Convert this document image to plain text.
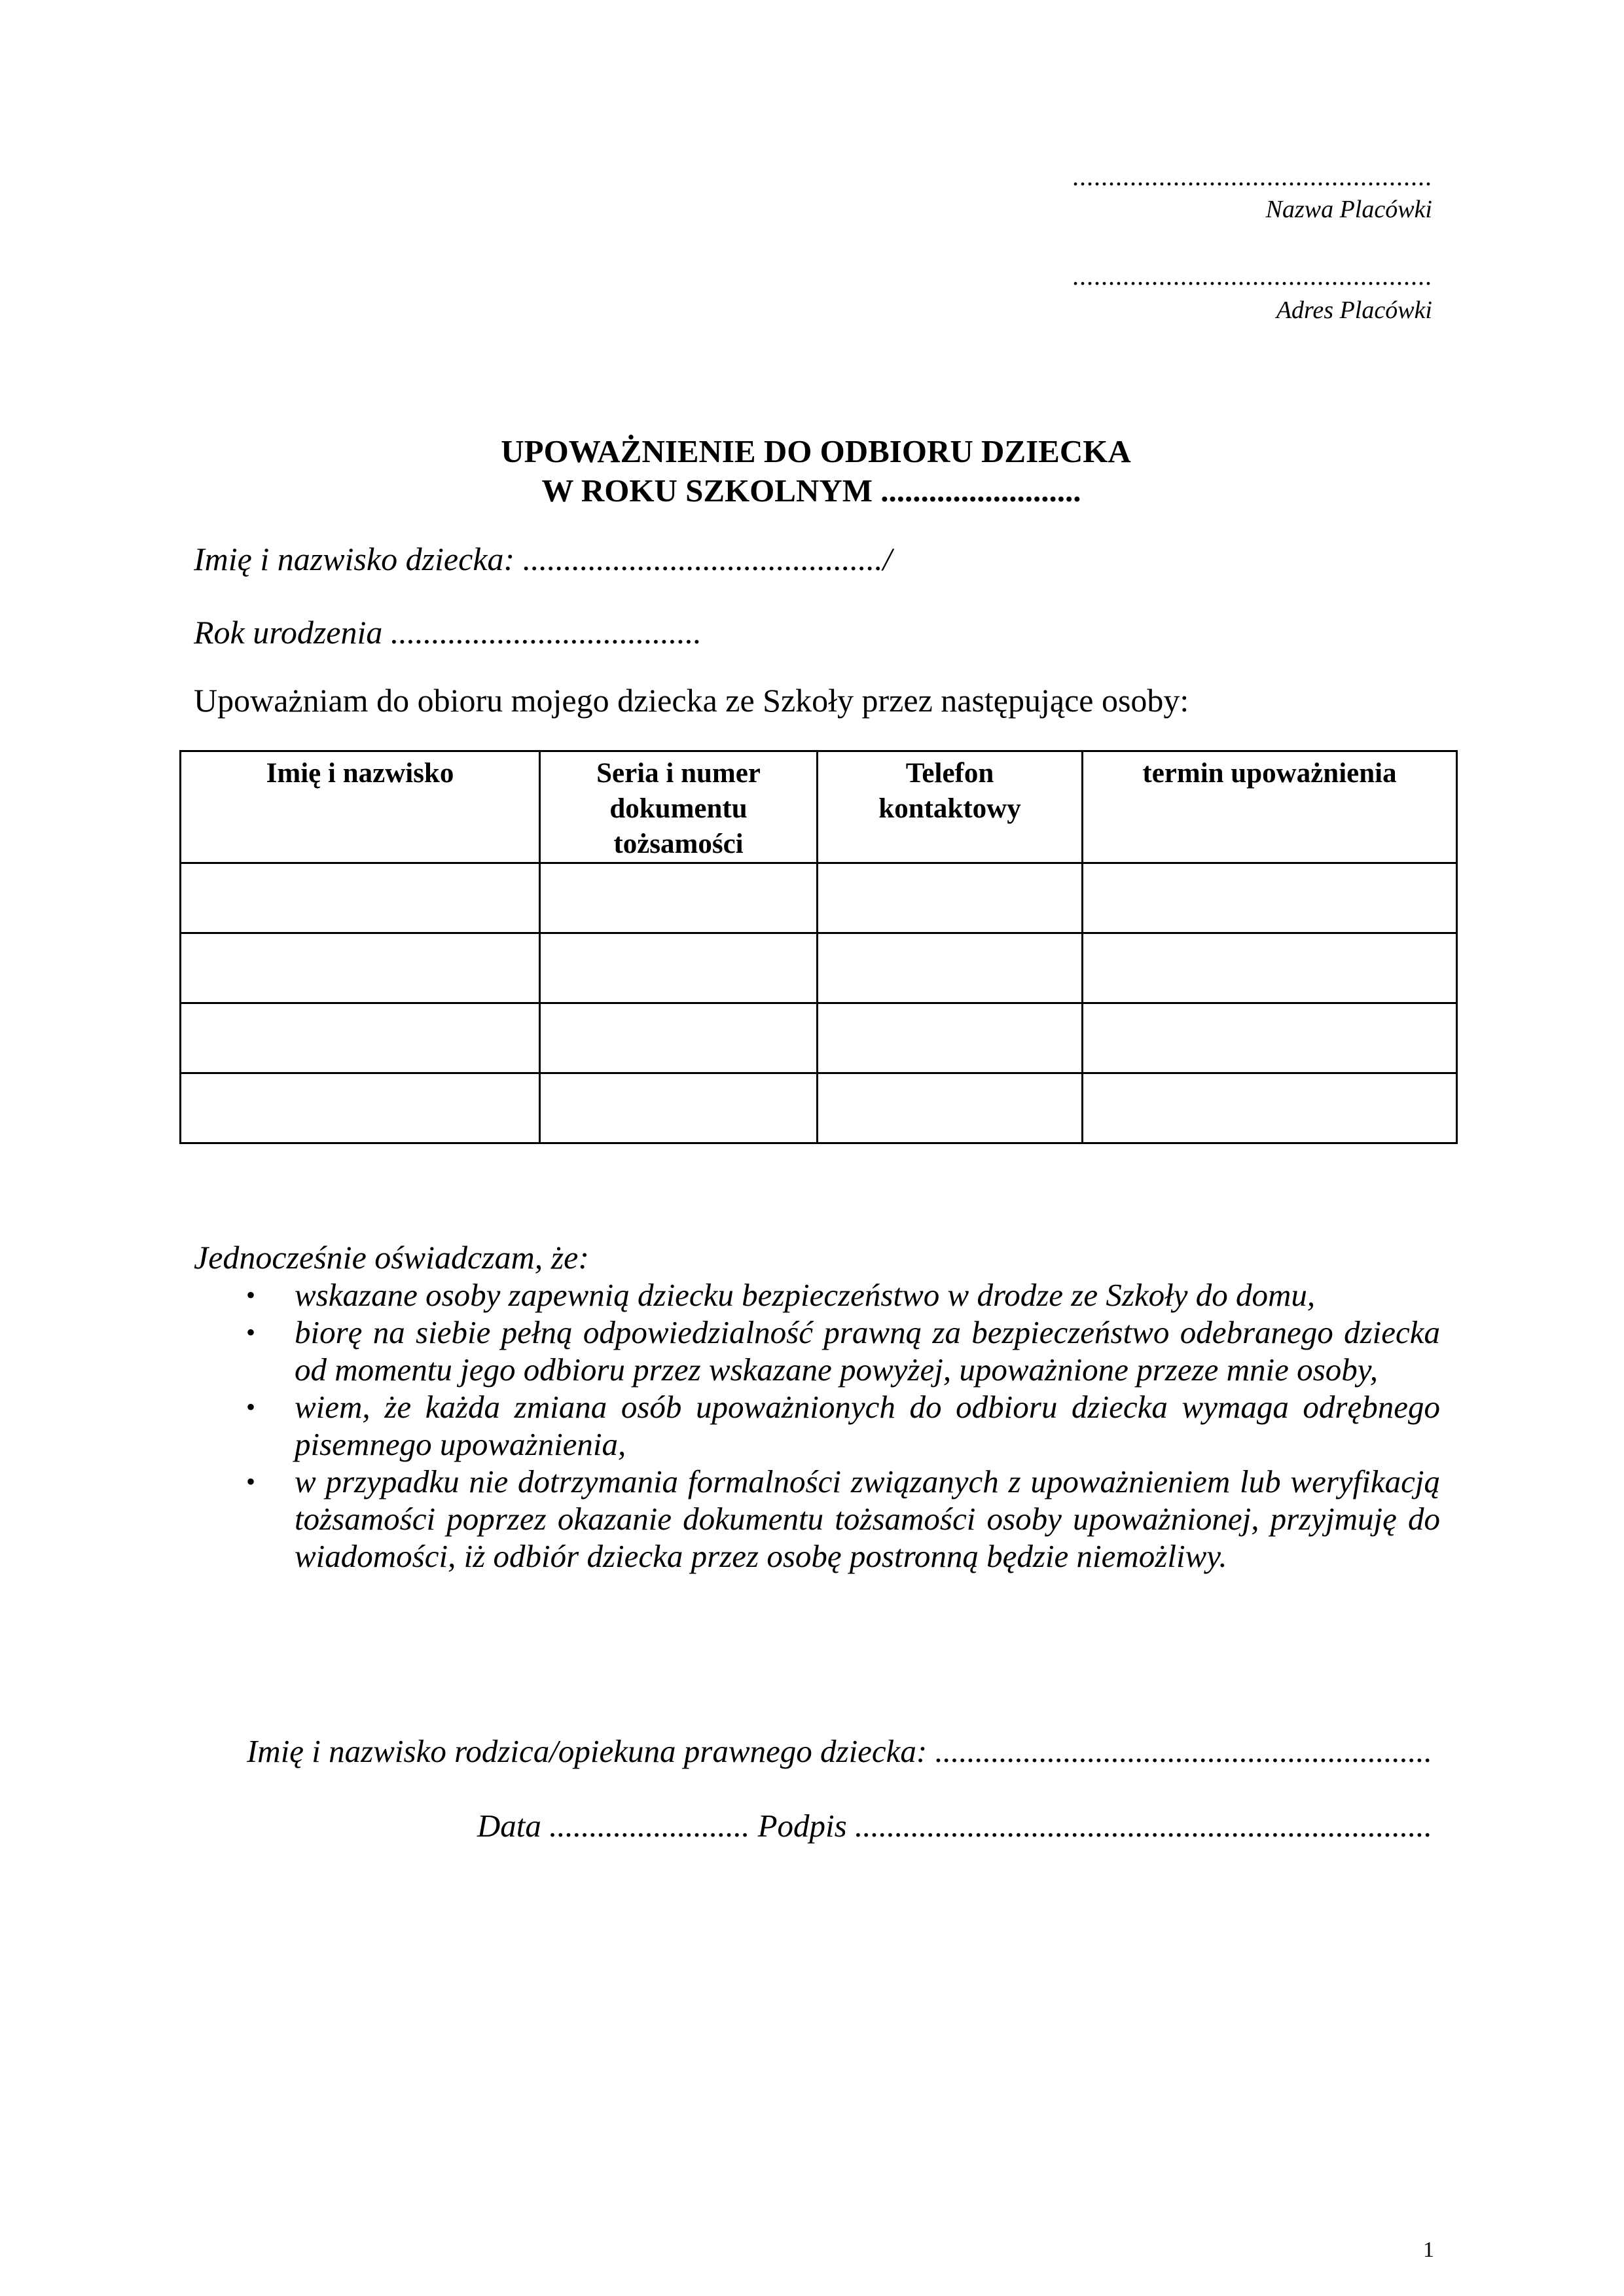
..................................................
Nazwa Placówki
..................................................
Adres Placówki
UPOWAŻNIENIE DO ODBIORU DZIECKA
W ROKU SZKOLNYM .........................
Imię i nazwisko dziecka: ............................................/
Rok urodzenia ......................................
Upoważniam do obioru mojego dziecka ze Szkoły przez następujące osoby:
Imię i nazwisko	Seria i numer dokumentu tożsamości	Telefon kontaktowy	termin upoważnienia

Jednocześnie oświadczam, że:
• wskazane osoby zapewnią dziecku bezpieczeństwo w drodze ze Szkoły do domu,
• biorę na siebie pełną odpowiedzialność prawną za bezpieczeństwo odebranego dziecka od momentu jego odbioru przez wskazane powyżej, upoważnione przeze mnie osoby,
• wiem, że każda zmiana osób upoważnionych do odbioru dziecka wymaga odrębnego pisemnego upoważnienia,
• w przypadku nie dotrzymania formalności związanych z upoważnieniem lub weryfikacją tożsamości poprzez okazanie dokumentu tożsamości osoby upoważnionej, przyjmuję do wiadomości, iż odbiór dziecka przez osobę postronną będzie niemożliwy.
Imię i nazwisko rodzica/opiekuna prawnego dziecka: ..............................................................
Data ......................... Podpis ........................................................................
1
